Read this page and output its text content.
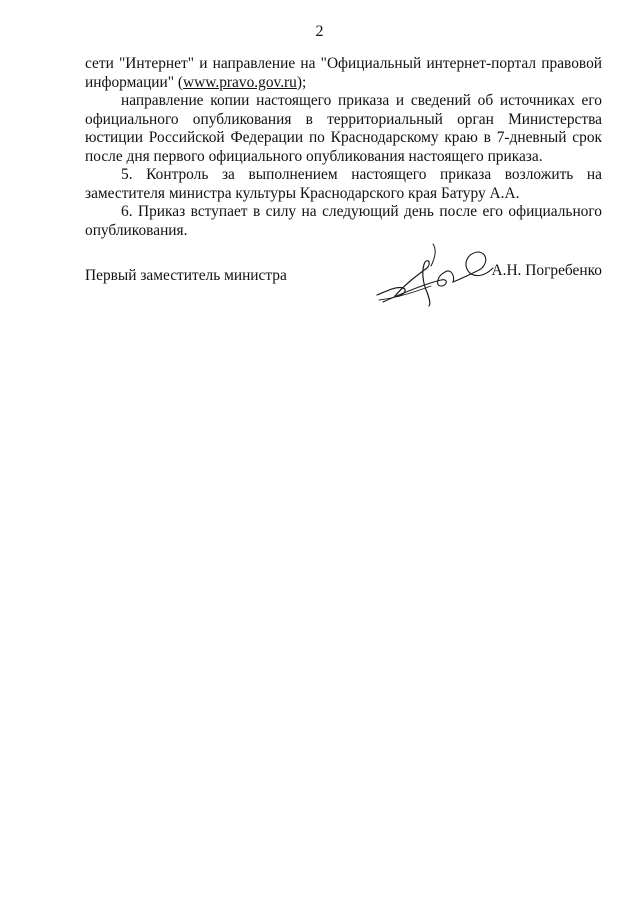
2

сети "Интернет" и направление на "Официальный интернет-портал правовой информации" (www.pravo.gov.ru);

направление копии настоящего приказа и сведений об источниках его официального опубликования в территориальный орган Министерства юстиции Российской Федерации по Краснодарскому краю в 7-дневный срок после дня первого официального опубликования настоящего приказа.

5. Контроль за выполнением настоящего приказа возложить на заместителя министра культуры Краснодарского края Батуру А.А.

6. Приказ вступает в силу на следующий день после его официального опубликования.

Первый заместитель министра	А.Н. Погребенко
